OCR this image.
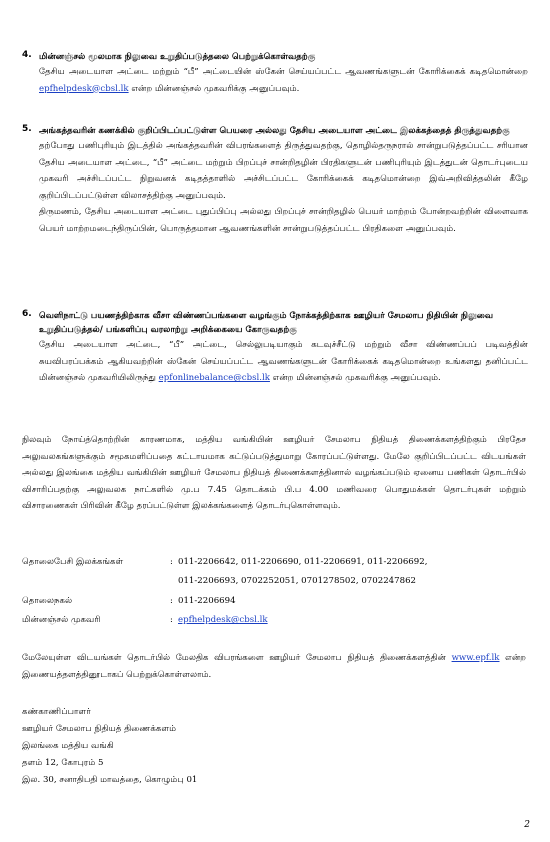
4. மின்னஞ்சல் மூலமாக நிலுவை உறுதிப்படுத்தலை பெற்றுக்கொள்வதற்கு
தேசிய அடையாள அட்டை மற்றும் “பீ” அட்டையின் ஸ்கேன் செய்யப்பட்ட ஆவணங்களுடன் கோரிக்கைக் கடிதமொன்றை epfhelpdesk@cbsl.lk என்ற மின்னஞ்சல் முகவரிக்கு அனுப்பவும்.
5. அங்கத்தவரின் கணக்கில் குறிப்பிடப்பட்டுள்ள பெயரை அல்லது தேசிய அடையாள அட்டை இலக்கத்தைத் திருத்துவதற்கு
தற்போது பணிபுரியும் இடத்தில் அங்கத்தவரின் விபரங்களைத் திருத்துவதற்கு, தொழில்தருநரால் சான்றுபடுத்தப்பட்ட சரியான தேசிய அடையாள அட்டை, “பீ” அட்டை மற்றும் பிறப்புச் சான்றிதழின் பிரதிகளுடன் பணிபுரியும் இடத்துடன் தொடர்புடைய முகவரி அச்சிடப்பட்ட நிறுவனக் கடிதத்தாளில் அச்சிடப்பட்ட கோரிக்கைக் கடிதமொன்றை இவ்அறிவித்தலின் கீழே குறிப்பிடப்பட்டுள்ள விலாசத்திற்கு அனுப்பவும்.
திருமணம், தேசிய அடையாள அட்டை புதுப்பிப்பு அல்லது பிறப்புச் சான்றிதழில் பெயர் மாற்றம் போன்றவற்றின் விளைவாக பெயர் மாற்றமடைந்திருப்பின், பொருத்தமான ஆவணங்களின் சான்றுபடுத்தப்பட்ட பிரதிகளை அனுப்பவும்.
6. வெளிநாட்டு பயணத்திற்காக வீசா விண்ணப்பங்களை வழங்கும் நோக்கத்திற்காக ஊழியர் சேமலாப நிதியின் நிலுவை உறுதிப்படுத்தல்/ பங்களிப்பு வரலாற்று அறிக்கையை கோருவதற்கு
தேசிய அடையாள அட்டை, “பீ” அட்டை, செல்லுபடியாகும் கடவுச்சீட்டு மற்றும் வீசா விண்ணப்பப் படிவத்தின் சுயவிபரப்பக்கம் ஆகியவற்றின் ஸ்கேன் செய்யப்பட்ட ஆவணங்களுடன் கோரிக்கைக் கடிதமொன்றை உங்களது தனிப்பட்ட மின்னஞ்சல் முகவரியிலிருந்து epfonlinebalance@cbsl.lk என்ற மின்னஞ்சல் முகவரிக்கு அனுப்பவும்.
நிலவும் நோய்த்தொற்றின் காரணமாக, மத்திய வங்கியின் ஊழியர் சேமலாப நிதியத் திணைக்களத்திற்கும் பிரதேச அலுவலகங்களுக்கும் சமூகமளிப்பதை கட்டாயமாக கட்டுப்படுத்துமாறு கோரப்பட்டுள்ளது. மேலே குறிப்பிடப்பட்ட விடயங்கள் அல்லது இலங்கை மத்திய வங்கியின் ஊழியர் சேமலாப நிதியத் திணைக்களத்தினால் வழங்கப்படும் ஏனைய பணிகள் தொடர்பில் விசாரிப்பதற்கு அலுவலக நாட்களில் மு.ப 7.45 தொடக்கம் பி.ப 4.00 மணிவரை பொதுமக்கள் தொடர்புகள் மற்றும் விசாரணைகள் பிரிவின் கீழே தரப்பட்டுள்ள இலக்கங்களைத் தொடர்புகொள்ளவும்.
தொலைபேசி இலக்கங்கள்	: 011-2206642, 011-2206690, 011-2206691, 011-2206692,
011-2206693, 0702252051, 0701278502, 0702247862
தொலைநகல்	: 011-2206694
மின்னஞ்சல் முகவரி	: epfhelpdesk@cbsl.lk
மேலேயுள்ள விடயங்கள் தொடர்பில் மேலதிக விபரங்களை ஊழியர் சேமலாப நிதியத் திணைக்களத்தின் www.epf.lk என்ற இணையத்தளத்தினூடாகப் பெற்றுக்கொள்ளலாம்.
கண்காணிப்பாளர்
ஊழியர் சேமலாப நிதியத் திணைக்களம்
இலங்கை மத்திய வங்கி
தளம் 12, கோபுரம் 5
இல. 30, சனாதிபதி மாவத்தை, கொழும்பு 01
2
